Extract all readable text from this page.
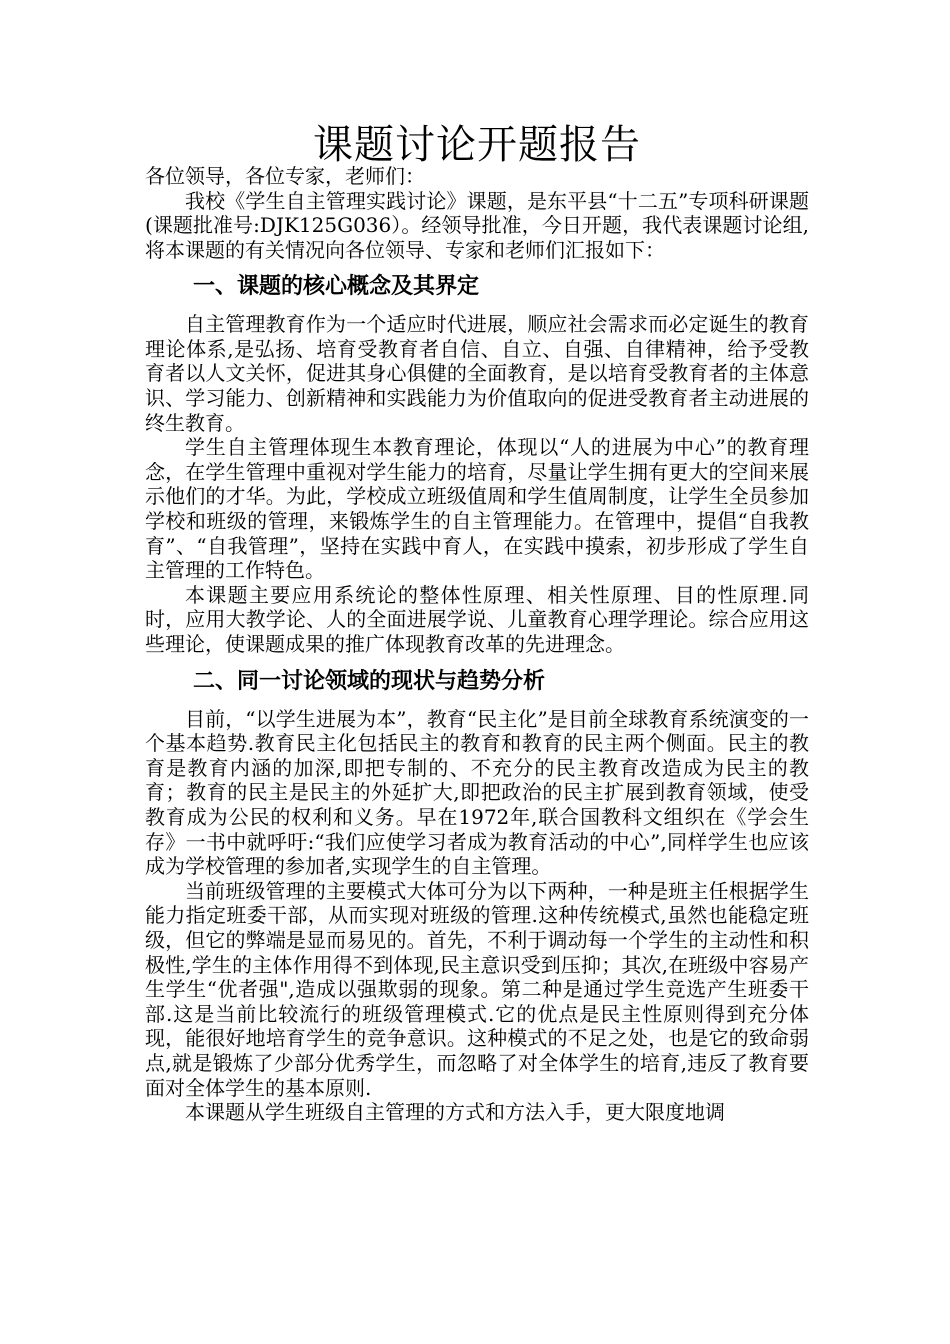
课题讨论开题报告
各位领导，各位专家，老师们：

我校《学生自主管理实践讨论》课题，是东平县“十二五”专项科研课题(课题批准号:DJK125G036）。经领导批准，今日开题，我代表课题讨论组,将本课题的有关情况向各位领导、专家和老师们汇报如下：

一、课题的核心概念及其界定

自主管理教育作为一个适应时代进展，顺应社会需求而必定诞生的教育理论体系,是弘扬、培育受教育者自信、自立、自强、自律精神，给予受教育者以人文关怀，促进其身心俱健的全面教育，是以培育受教育者的主体意识、学习能力、创新精神和实践能力为价值取向的促进受教育者主动进展的终生教育。

学生自主管理体现生本教育理论，体现以“人的进展为中心”的教育理念，在学生管理中重视对学生能力的培育，尽量让学生拥有更大的空间来展示他们的才华。为此，学校成立班级值周和学生值周制度，让学生全员参加学校和班级的管理，来锻炼学生的自主管理能力。在管理中，提倡“自我教育”、“自我管理”，坚持在实践中育人，在实践中摸索，初步形成了学生自主管理的工作特色。

本课题主要应用系统论的整体性原理、相关性原理、目的性原理.同时，应用大教学论、人的全面进展学说、儿童教育心理学理论。综合应用这些理论，使课题成果的推广体现教育改革的先进理念。

二、同一讨论领域的现状与趋势分析

目前，“以学生进展为本”，教育“民主化”是目前全球教育系统演变的一个基本趋势.教育民主化包括民主的教育和教育的民主两个侧面。民主的教育是教育内涵的加深,即把专制的、不充分的民主教育改造成为民主的教育；教育的民主是民主的外延扩大,即把政治的民主扩展到教育领域，使受教育成为公民的权利和义务。早在1972年,联合国教科文组织在《学会生存》一书中就呼吁:“我们应使学习者成为教育活动的中心”,同样学生也应该成为学校管理的参加者,实现学生的自主管理。

当前班级管理的主要模式大体可分为以下两种，一种是班主任根据学生能力指定班委干部，从而实现对班级的管理.这种传统模式,虽然也能稳定班级，但它的弊端是显而易见的。首先，不利于调动每一个学生的主动性和积极性,学生的主体作用得不到体现,民主意识受到压抑；其次,在班级中容易产生学生“优者强",造成以强欺弱的现象。第二种是通过学生竞选产生班委干部.这是当前比较流行的班级管理模式.它的优点是民主性原则得到充分体现，能很好地培育学生的竞争意识。这种模式的不足之处，也是它的致命弱点,就是锻炼了少部分优秀学生，而忽略了对全体学生的培育,违反了教育要面对全体学生的基本原则.

本课题从学生班级自主管理的方式和方法入手，更大限度地调
